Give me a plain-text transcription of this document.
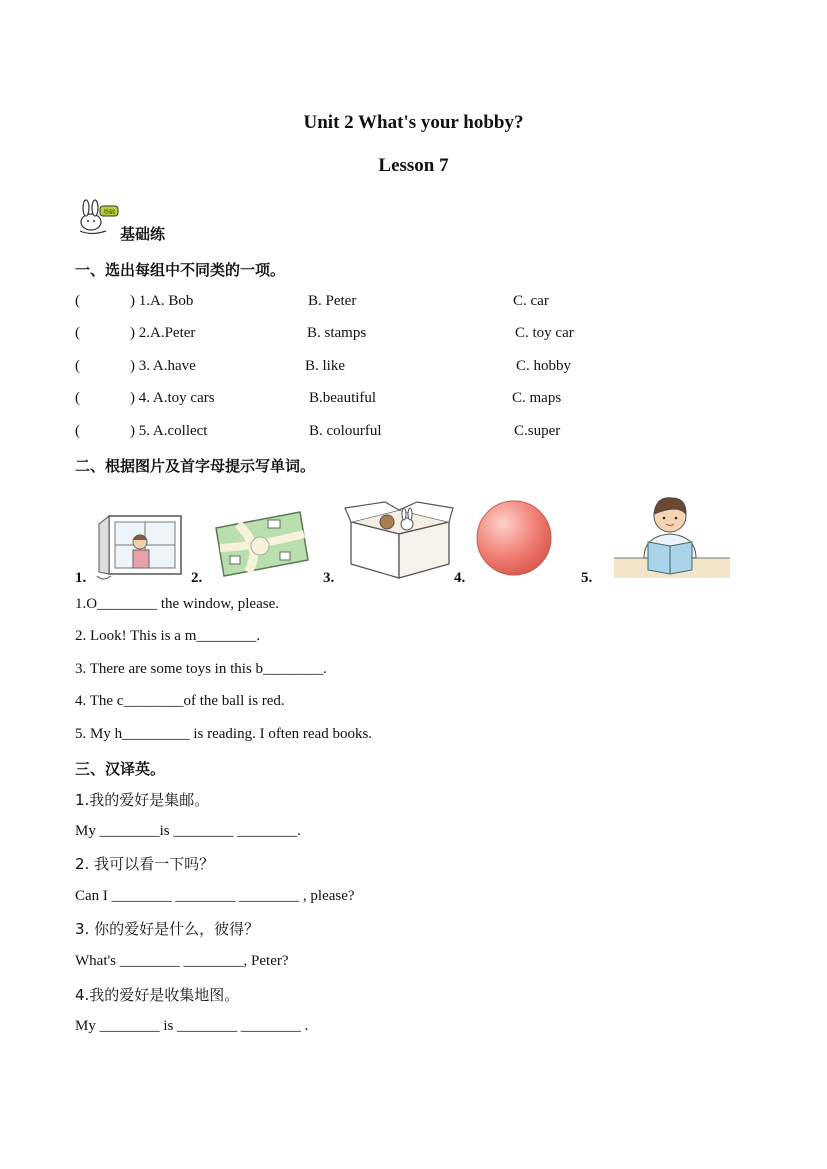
Unit 2 What's your hobby?
Lesson 7
基础
基础练
一、选出每组中不同类的一项。
(	) 1.A. Bob	B. Peter	C. car
(	) 2.A.Peter	B. stamps	C. toy car
(	) 3. A.have	B. like	C. hobby
(	) 4. A.toy cars	B.beautiful	C. maps
(	) 5. A.collect	B. colourful	C.super
二、根据图片及首字母提示写单词。
1.	2.	3.	4.	5.
1.O________ the window, please.
2. Look! This is a m________.
3. There are some toys in this b________.
4. The c________of the ball is red.
5. My h_________ is reading. I often read books.
三、汉译英。
1.我的爱好是集邮。
My ________is ________ ________.
2. 我可以看一下吗？
Can I ________ ________ ________ , please?
3. 你的爱好是什么，彼得？
What's ________ ________, Peter?
4.我的爱好是收集地图。
My ________ is ________ ________ .
